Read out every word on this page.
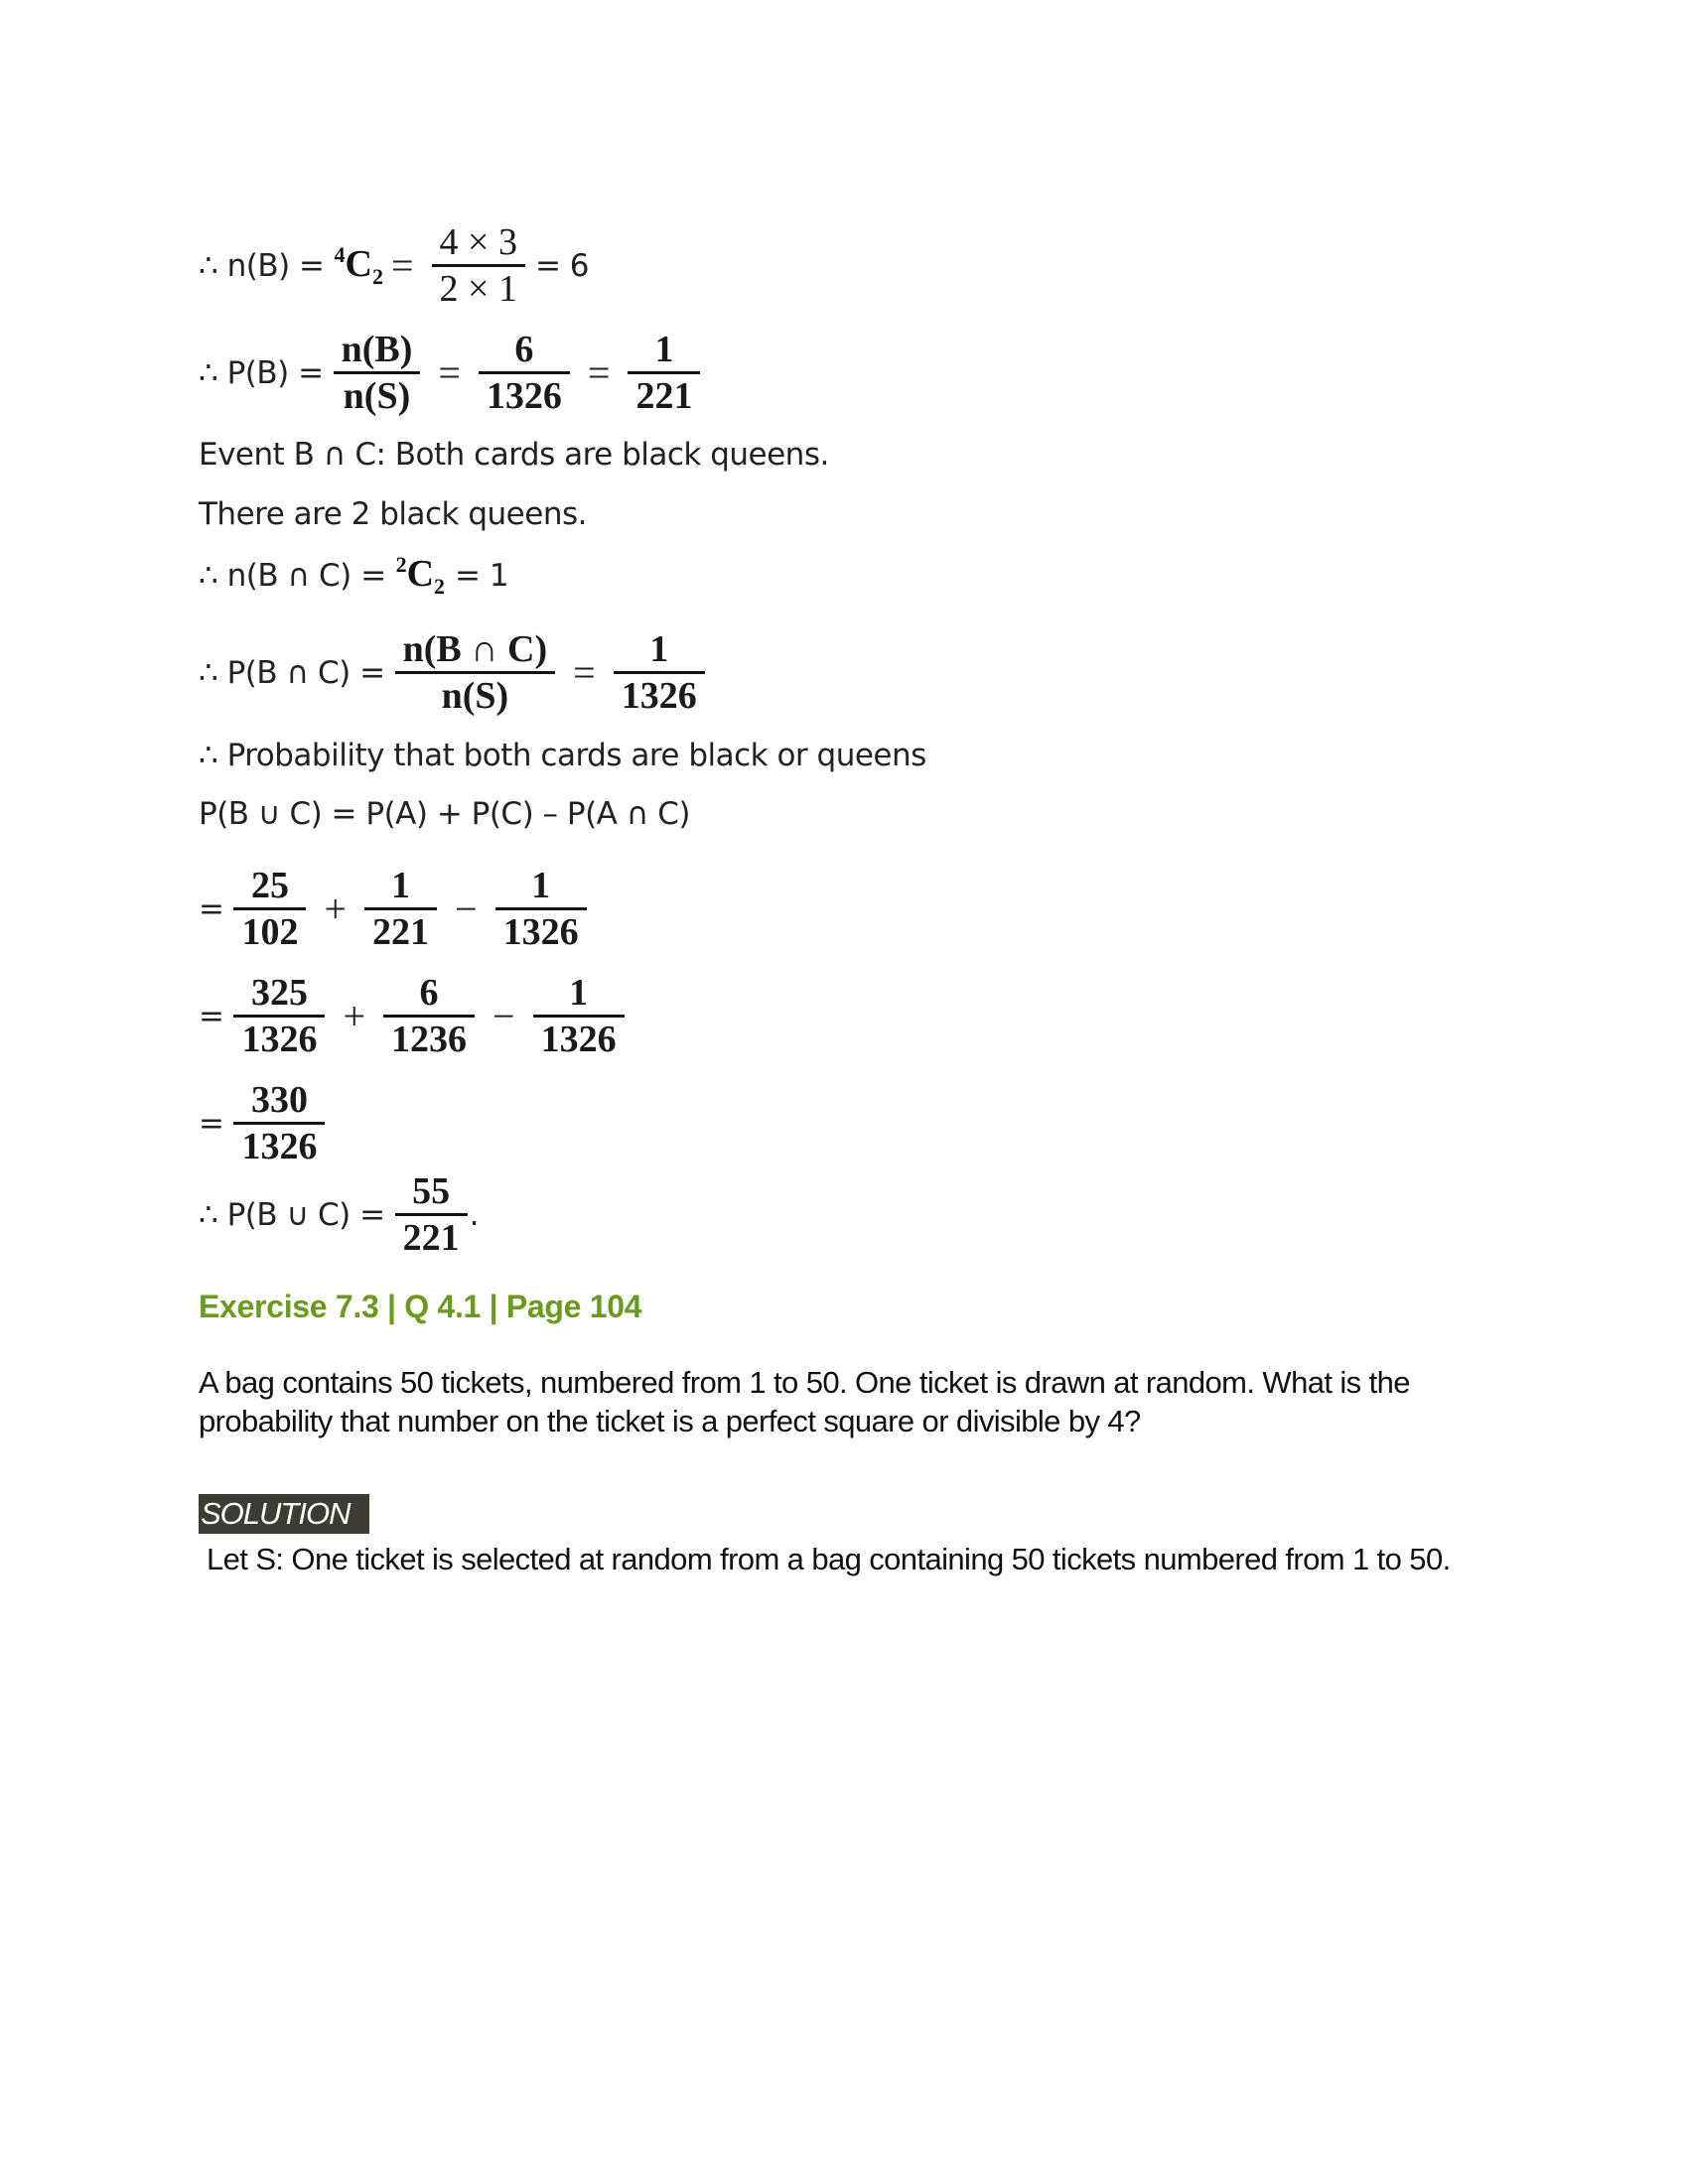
∴ $n(B) = 4C2 = \frac{4 \times 3}{2 \times 1} = 6$
∴ $P(B) = \frac{n(B)}{n(S)} = \frac{6}{1326} = \frac{1}{221}$
Event B ∩ C: Both cards are black queens.
There are 2 black queens.
∴ n(B ∩ C) = 2C2 = 1
∴ P(B ∩ $C) = \frac{n(B \cap C)}{n(S)} = \frac{1}{1326}$
∴ Probability that both cards are black or queens
P(B ∪ C) = P(A) + P(C) – P(A ∩ C)
= $\frac{25}{102} + \frac{1}{221} - \frac{1}{1326}$
= $\frac{325}{1326} + \frac{6}{1236} - \frac{1}{1326}$
= $\frac{330}{1326}$
∴ P(B ∪ $C) = \frac{55}{221}$ .
Exercise 7.3 | Q 4.1 | Page 104
A bag contains 50 tickets, numbered from 1 to 50. One ticket is drawn at random. What is the probability that number on the ticket is a perfect square or divisible by 4?
SOLUTION
Let S: One ticket is selected at random from a bag containing 50 tickets numbered from 1 to 50.
